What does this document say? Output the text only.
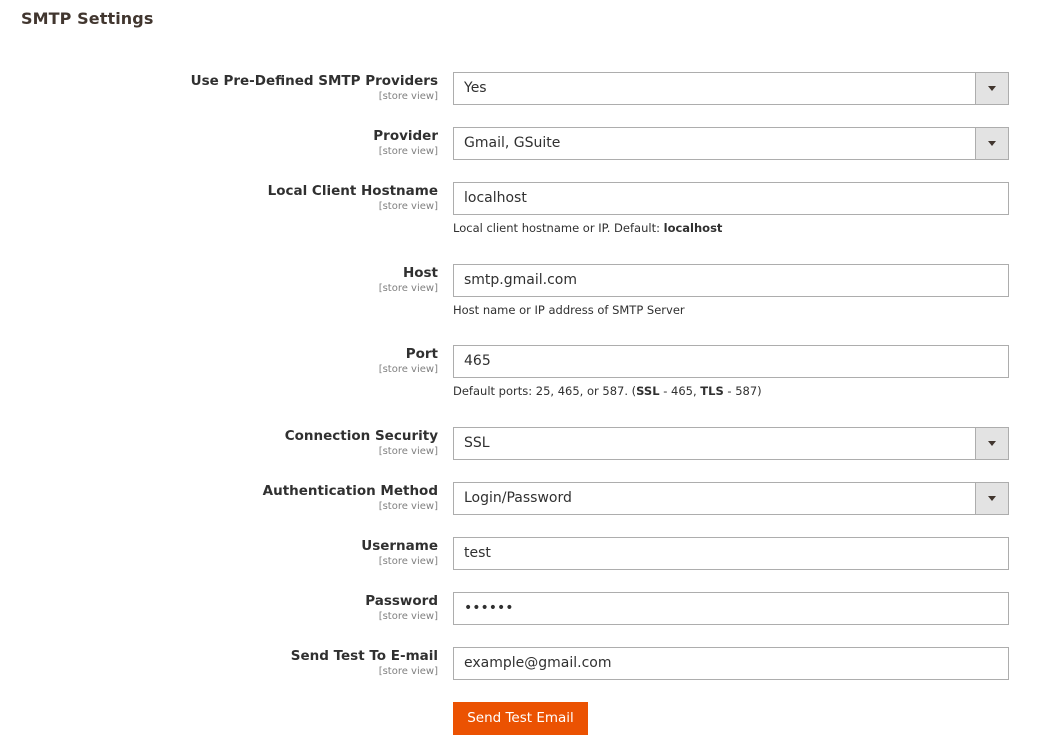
SMTP Settings
Use Pre-Defined SMTP Providers
[store view]
Yes
Provider
[store view]
Gmail, GSuite
Local Client Hostname
[store view]
localhost
Local client hostname or IP. Default: localhost
Host
[store view]
smtp.gmail.com
Host name or IP address of SMTP Server
Port
[store view]
465
Default ports: 25, 465, or 587. (SSL - 465, TLS - 587)
Connection Security
[store view]
SSL
Authentication Method
[store view]
Login/Password
Username
[store view]
test
Password
[store view]
••••••
Send Test To E-mail
[store view]
example@gmail.com
Send Test Email
